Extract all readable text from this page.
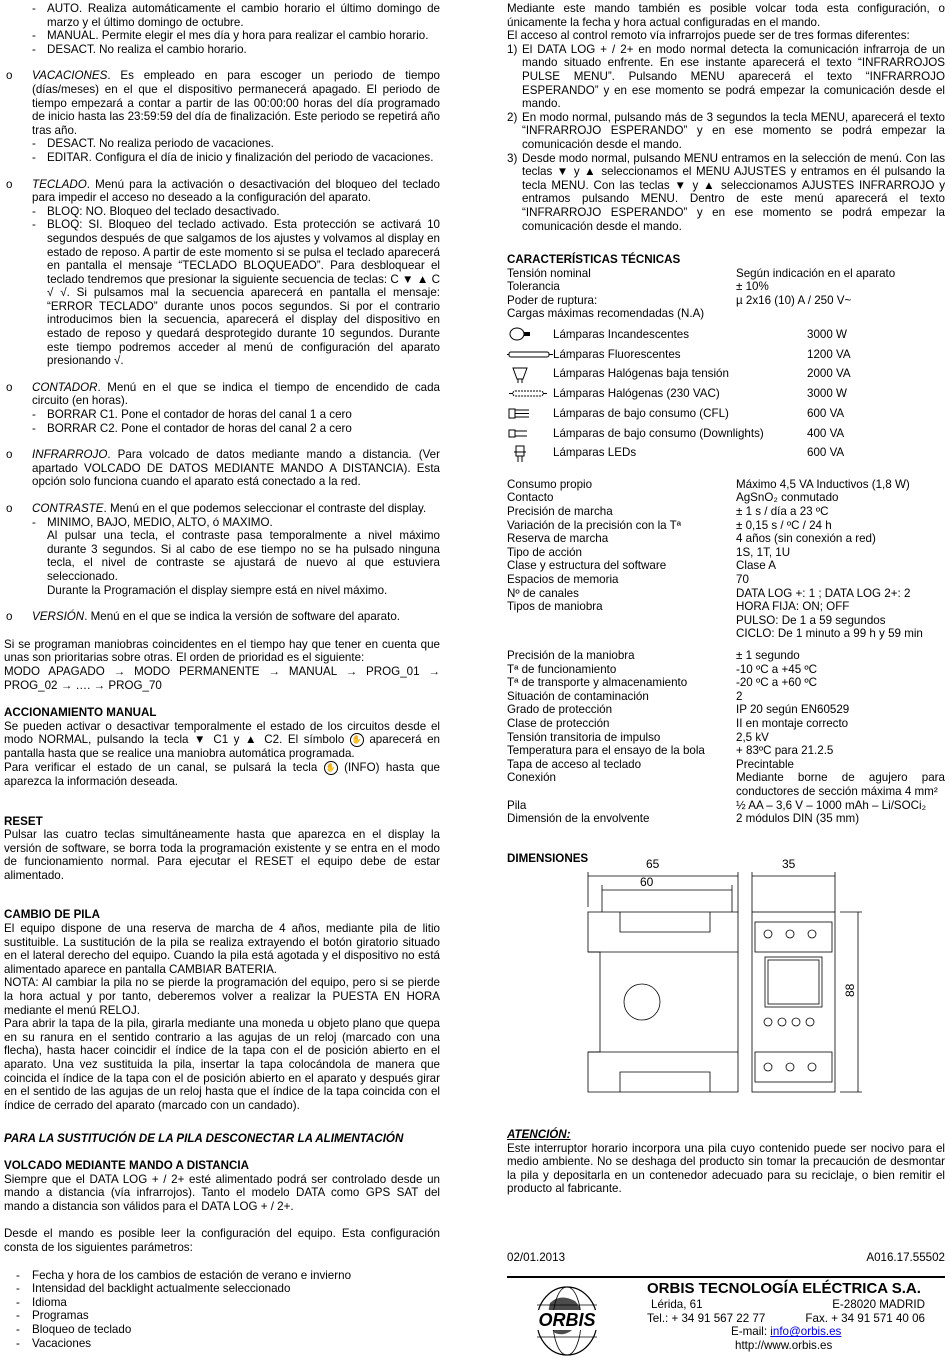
- AUTO. Realiza automáticamente el cambio horario el último domingo de marzo y el último domingo de octubre.
- MANUAL. Permite elegir el mes día y hora para realizar el cambio horario.
- DESACT. No realiza el cambio horario.
o	VACACIONES. Es empleado en para escoger un periodo de tiempo (días/meses) en el que el dispositivo permanecerá apagado. El periodo de tiempo empezará a contar a partir de las 00:00:00 horas del día programado de inicio hasta las 23:59:59 del día de finalización. Este periodo se repetirá año tras año.

- DESACT. No realiza periodo de vacaciones.
- EDITAR. Configura el día de inicio y finalización del periodo de vacaciones.
o	TECLADO. Menú para la activación o desactivación del bloqueo del teclado para impedir el acceso no deseado a la configuración del aparato.

- BLOQ: NO. Bloqueo del teclado desactivado.
- BLOQ: SI. Bloqueo del teclado activado. Esta protección se activará 10 segundos después de que salgamos de los ajustes y volvamos al display en estado de reposo. A partir de este momento si se pulsa el teclado aparecerá en pantalla el mensaje “TECLADO BLOQUEADO”. Para desbloquear el teclado tendremos que presionar la siguiente secuencia de teclas: C ▼ ▲ C √ √. Si pulsamos mal la secuencia aparecerá en pantalla el mensaje: “ERROR TECLADO” durante unos pocos segundos. Si por el contrario introducimos bien la secuencia, aparecerá el display del dispositivo en estado de reposo y quedará desprotegido durante 10 segundos. Durante este tiempo podremos acceder al menú de configuración del aparato presionando √.
o	CONTADOR. Menú en el que se indica el tiempo de encendido de cada circuito (en horas).

- BORRAR C1. Pone el contador de horas del canal 1 a cero
- BORRAR C2. Pone el contador de horas del canal 2 a cero
o	INFRARROJO. Para volcado de datos mediante mando a distancia. (Ver apartado VOLCADO DE DATOS MEDIANTE MANDO A DISTANCIA). Esta opción solo funciona cuando el aparato está conectado a la red.

o	CONTRASTE. Menú en el que podemos seleccionar el contraste del display.

- MINIMO, BAJO, MEDIO, ALTO, ó MAXIMO.

Al pulsar una tecla, el contraste pasa temporalmente a nivel máximo durante 3 segundos. Si al cabo de ese tiempo no se ha pulsado ninguna tecla, el nivel de contraste se ajustará de nuevo al que estuviera seleccionado.

Durante la Programación el display siempre está en nivel máximo.

o	VERSIÓN. Menú en el que se indica la versión de software del aparato.

Si se programan maniobras coincidentes en el tiempo hay que tener en cuenta que unas son prioritarias sobre otras. El orden de prioridad es el siguiente:

MODO APAGADO → MODO PERMANENTE → MANUAL → PROG_01 → PROG_02 → …. → PROG_70

ACCIONAMIENTO MANUAL

Se pueden activar o desactivar temporalmente el estado de los circuitos desde el modo NORMAL, pulsando la tecla ▼ C1 y ▲ C2. El símbolo ✋ aparecerá en pantalla hasta que se realice una maniobra automática programada.

Para verificar el estado de un canal, se pulsará la tecla ✋ (INFO) hasta que aparezca la información deseada.

RESET

Pulsar las cuatro teclas simultáneamente hasta que aparezca en el display la versión de software, se borra toda la programación existente y se entra en el modo de funcionamiento normal. Para ejecutar el RESET el equipo debe de estar alimentado.

CAMBIO DE PILA

El equipo dispone de una reserva de marcha de 4 años, mediante pila de litio sustituible. La sustitución de la pila se realiza extrayendo el botón giratorio situado en el lateral derecho del equipo. Cuando la pila está agotada y el dispositivo no está alimentado aparece en pantalla CAMBIAR BATERIA.

NOTA: Al cambiar la pila no se pierde la programación del equipo, pero si se pierde la hora actual y por tanto, deberemos volver a realizar la PUESTA EN HORA mediante el menú RELOJ.

Para abrir la tapa de la pila, girarla mediante una moneda u objeto plano que quepa en su ranura en el sentido contrario a las agujas de un reloj (marcado con una flecha), hasta hacer coincidir el índice de la tapa con el de posición abierto en el aparato. Una vez sustituida la pila, insertar la tapa colocándola de manera que coincida el índice de la tapa con el de posición abierto en el aparato y después girar en el sentido de las agujas de un reloj hasta que el índice de la tapa coincida con el índice de cerrado del aparato (marcado con un candado).

PARA LA SUSTITUCIÓN DE LA PILA DESCONECTAR LA ALIMENTACIÓN

VOLCADO MEDIANTE MANDO A DISTANCIA

Siempre que el DATA LOG + / 2+ esté alimentado podrá ser controlado desde un mando a distancia (vía infrarrojos). Tanto el modelo DATA como GPS SAT del mando a distancia son válidos para el DATA LOG + / 2+.

Desde el mando es posible leer la configuración del equipo. Esta configuración consta de los siguientes parámetros:

-	Fecha y hora de los cambios de estación de verano e invierno
-	Intensidad del backlight actualmente seleccionado
-	Idioma
-	Programas
-	Bloqueo de teclado
-	Vacaciones

Mediante este mando también es posible volcar toda esta configuración, o únicamente la fecha y hora actual configuradas en el mando.

El acceso al control remoto vía infrarrojos puede ser de tres formas diferentes:

1) El DATA LOG + / 2+ en modo normal detecta la comunicación infrarroja de un mando situado enfrente. En ese instante aparecerá el texto “INFRARROJOS PULSE MENU”. Pulsando MENU aparecerá el texto “INFRARROJO ESPERANDO” y en ese momento se podrá empezar la comunicación desde el mando.
2) En modo normal, pulsando más de 3 segundos la tecla MENU, aparecerá el texto “INFRARROJO ESPERANDO” y en ese momento se podrá empezar la comunicación desde el mando.
3) Desde modo normal, pulsando MENU entramos en la selección de menú. Con las teclas ▼ y ▲ seleccionamos el MENU AJUSTES y entramos en él pulsando la tecla MENU. Con las teclas ▼ y ▲ seleccionamos AJUSTES INFRARROJO y entramos pulsando MENU. Dentro de este menú aparecerá el texto “INFRARROJO ESPERANDO” y en ese momento se podrá empezar la comunicación desde el mando.
CARACTERÍSTICAS TÉCNICAS
Tensión nominal	Según indicación en el aparato
Tolerancia	± 10%
Poder de ruptura:	µ 2x16 (10) A / 250 V~

Cargas máximas recomendadas (N.A)

Lámparas Incandescentes	3000 W
Lámparas Fluorescentes	1200 VA
Lámparas Halógenas baja tensión	2000 VA
Lámparas Halógenas (230 VAC)	3000 W
Lámparas de bajo consumo (CFL)	600 VA
Lámparas de bajo consumo (Downlights)	400 VA
Lámparas LEDs	600 VA
Consumo propio	Máximo 4,5 VA Inductivos (1,8 W)
Contacto	AgSnO₂ conmutado
Precisión de marcha	± 1 s / día a 23 ºC
Variación de la precisión con la Tª	± 0,15 s / ºC / 24 h
Reserva de marcha	4 años (sin conexión a red)
Tipo de acción	1S, 1T, 1U
Clase y estructura del software	Clase A
Espacios de memoria	70
Nº de canales	DATA LOG +: 1 ; DATA LOG 2+: 2
Tipos de maniobra	HORA FIJA: ON; OFF
PULSO: De 1 a 59 segundos
CICLO: De 1 minuto a 99 h y 59 min
Precisión de la maniobra	± 1 segundo
Tª de funcionamiento	-10 ºC a +45 ºC
Tª de transporte y almacenamiento	-20 ºC a +60 ºC
Situación de contaminación	2
Grado de protección	IP 20 según EN60529
Clase de protección	II en montaje correcto
Tensión transitoria de impulso	2,5 kV
Temperatura para el ensayo de la bola	+ 83ºC para 21.2.5
Tapa de acceso al teclado	Precintable
Conexión	Mediante borne de agujero para conductores de sección máxima 4 mm²
Pila	½ AA – 3,6 V – 1000 mAh – Li/SOCi₂
Dimensión de la envolvente	2 módulos DIN (35 mm)
DIMENSIONES	65
60
35
88

ATENCIÓN:

Este interruptor horario incorpora una pila cuyo contenido puede ser nocivo para el medio ambiente. No se deshaga del producto sin tomar la precaución de desmontar la pila y depositarla en un contenedor adecuado para su reciclaje, o bien remitir el producto al fabricante.

02/01.2013	A016.17.55502
ORBIS
ORBIS TECNOLOGÍA ELÉCTRICA S.A.
Lérida, 61	E-28020 MADRID
Tel.: + 34 91 567 22 77	Fax. + 34 91 571 40 06
E-mail: info@orbis.es
http://www.orbis.es
